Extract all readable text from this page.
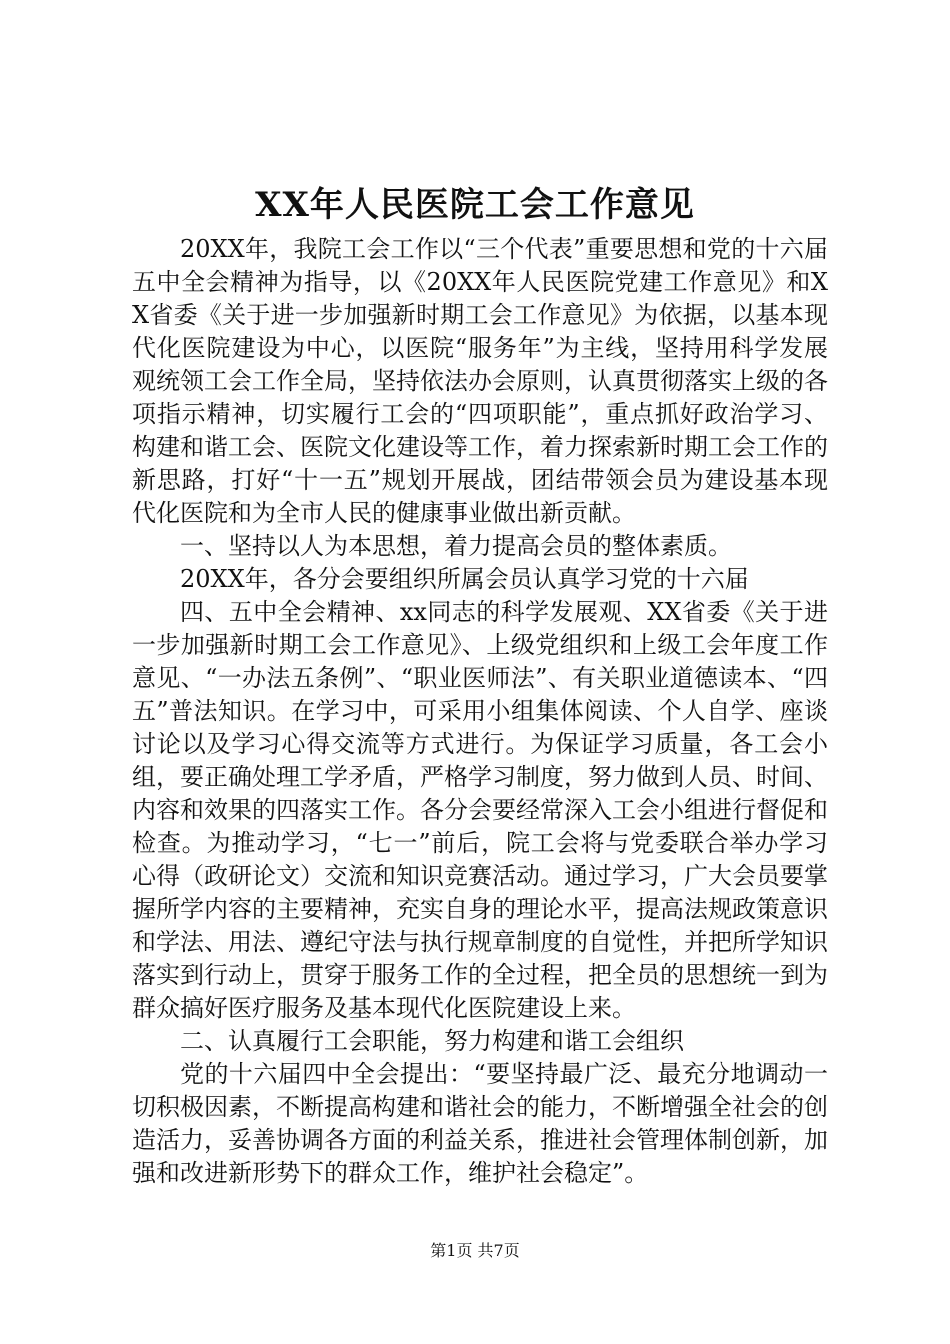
XX年人民医院工会工作意见

20XX年，我院工会工作以“三个代表”重要思想和党的十六届五中全会精神为指导，以《20XX年人民医院党建工作意见》和XX省委《关于进一步加强新时期工会工作意见》为依据，以基本现代化医院建设为中心，以医院“服务年”为主线，坚持用科学发展观统领工会工作全局，坚持依法办会原则，认真贯彻落实上级的各项指示精神，切实履行工会的“四项职能”，重点抓好政治学习、构建和谐工会、医院文化建设等工作，着力探索新时期工会工作的新思路，打好“十一五”规划开展战，团结带领会员为建设基本现代化医院和为全市人民的健康事业做出新贡献。

一、坚持以人为本思想，着力提高会员的整体素质。

20XX年，各分会要组织所属会员认真学习党的十六届

四、五中全会精神、xx同志的科学发展观、XX省委《关于进一步加强新时期工会工作意见》、上级党组织和上级工会年度工作意见、“一办法五条例”、“职业医师法”、有关职业道德读本、“四五”普法知识。在学习中，可采用小组集体阅读、个人自学、座谈讨论以及学习心得交流等方式进行。为保证学习质量，各工会小组，要正确处理工学矛盾，严格学习制度，努力做到人员、时间、内容和效果的四落实工作。各分会要经常深入工会小组进行督促和检查。为推动学习，“七一”前后，院工会将与党委联合举办学习心得（政研论文）交流和知识竞赛活动。通过学习，广大会员要掌握所学内容的主要精神，充实自身的理论水平，提高法规政策意识和学法、用法、遵纪守法与执行规章制度的自觉性，并把所学知识落实到行动上，贯穿于服务工作的全过程，把全员的思想统一到为群众搞好医疗服务及基本现代化医院建设上来。

二、认真履行工会职能，努力构建和谐工会组织

党的十六届四中全会提出：“要坚持最广泛、最充分地调动一切积极因素，不断提高构建和谐社会的能力，不断增强全社会的创造活力，妥善协调各方面的利益关系，推进社会管理体制创新，加强和改进新形势下的群众工作，维护社会稳定”。

第1页 共7页
